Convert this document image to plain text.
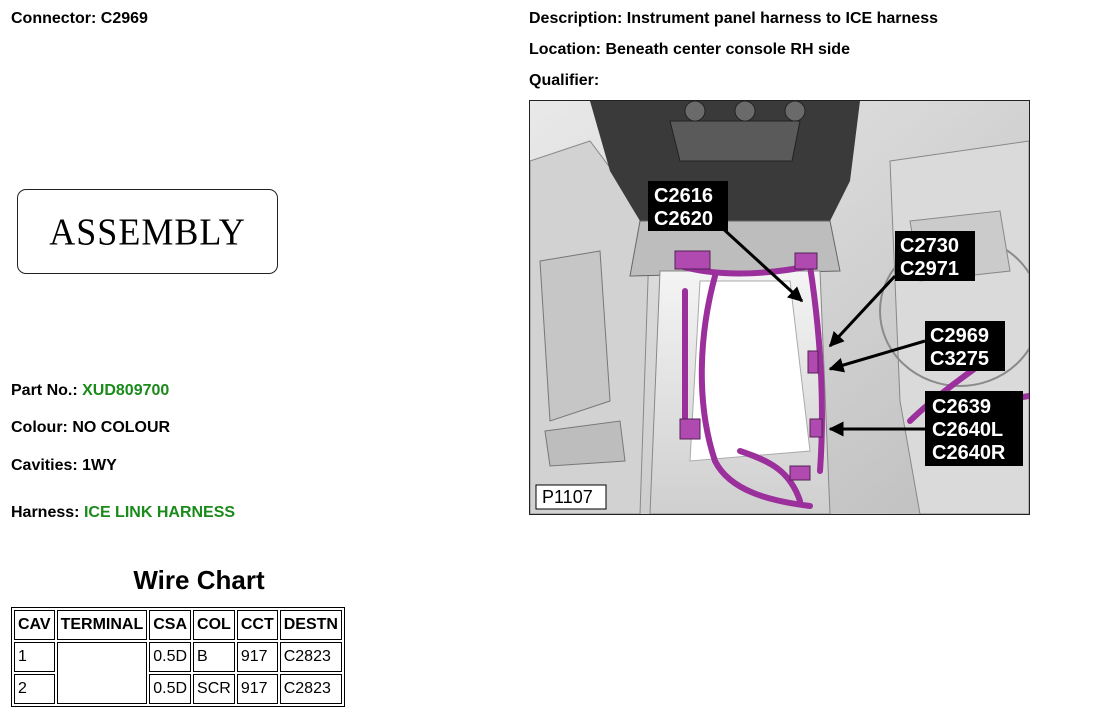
Connector: C2969	Description: Instrument panel harness to ICE harness
Location: Beneath center console RH side
Qualifier:
ASSEMBLY
Part No.: XUD809700
Colour: NO COLOUR
Cavities: 1WY
Harness: ICE LINK HARNESS
Wire Chart
CAV	TERMINAL	CSA	COL	CCT	DESTN
1		0.5D	B	917	C2823
2		0.5D	SCR	917	C2823
C2616
C2620
C2730
C2971
C2969
C3275
C2639
C2640L
C2640R
P1107
